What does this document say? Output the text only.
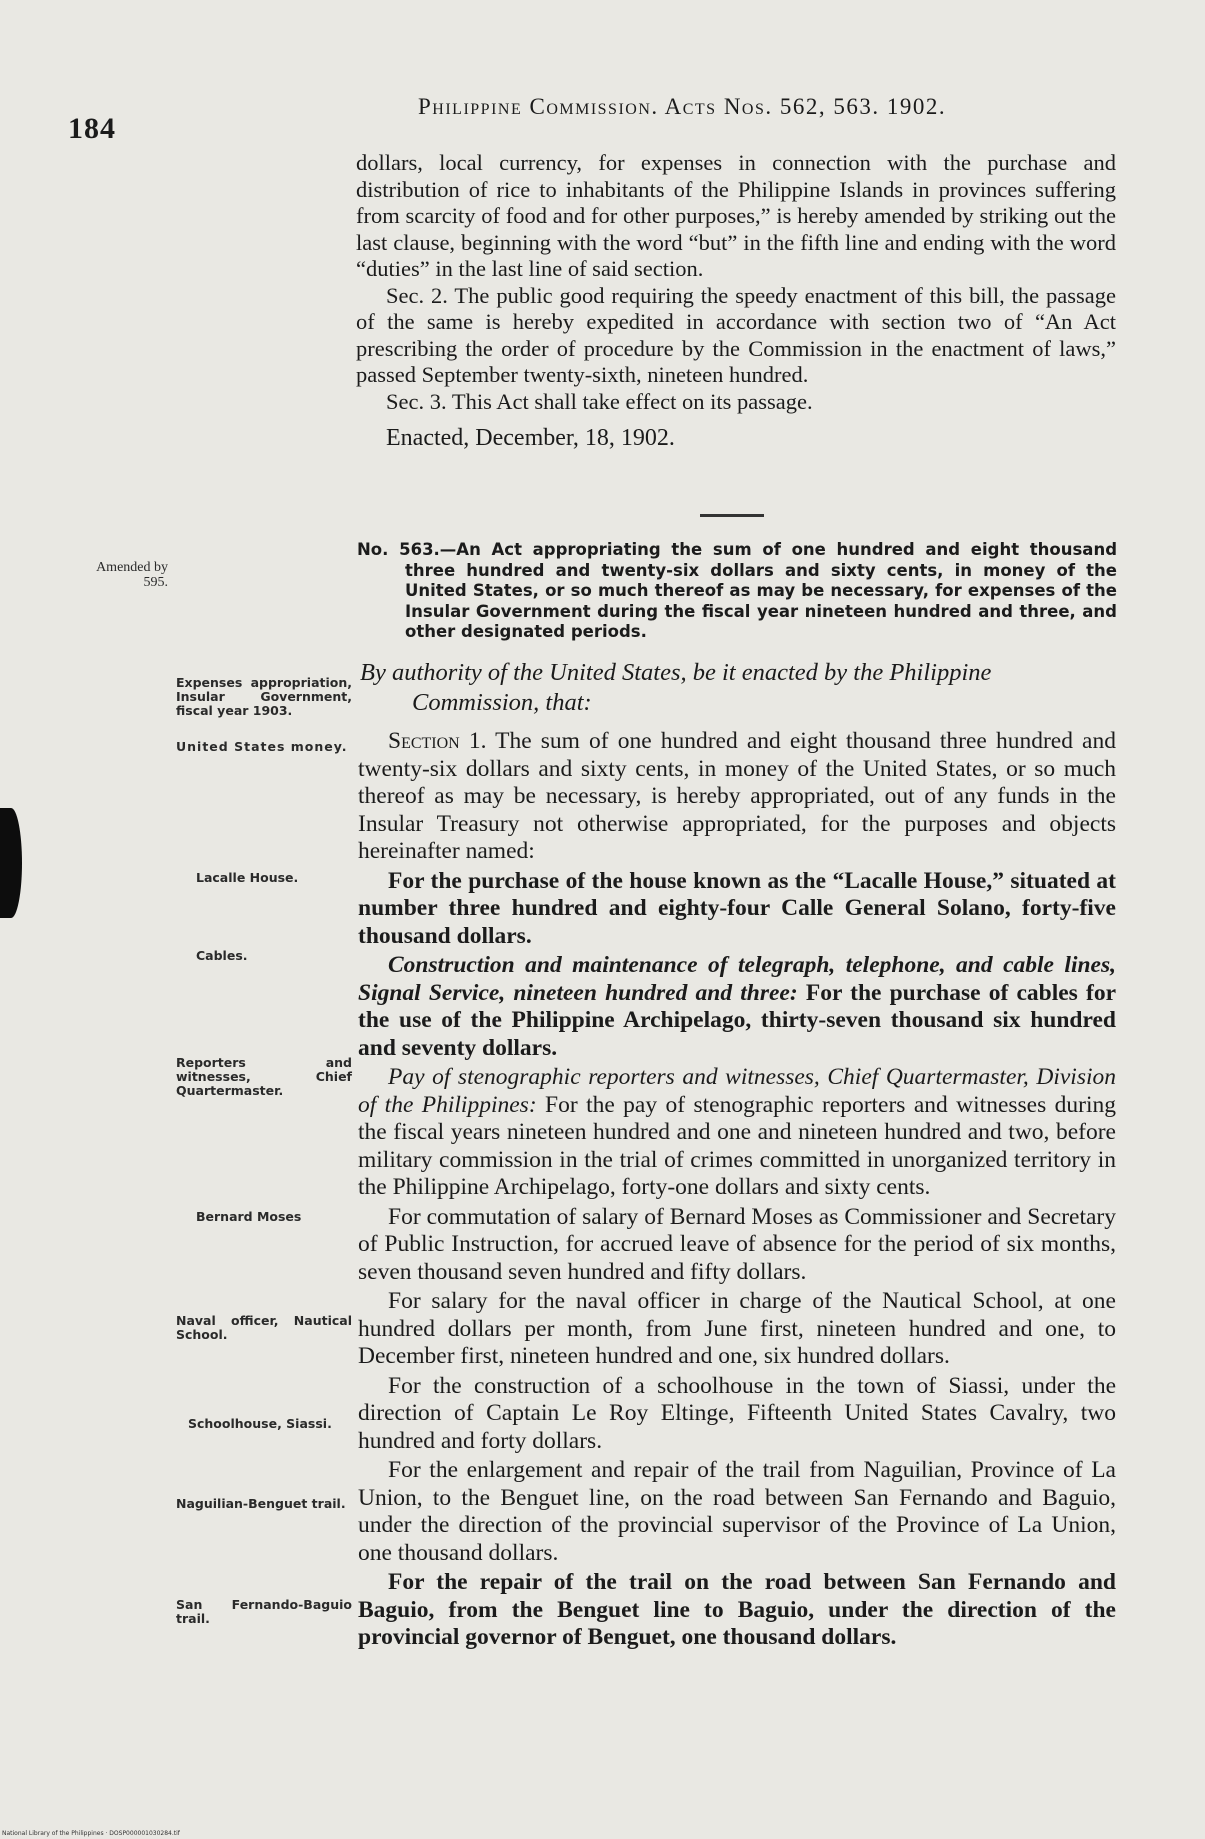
184
Philippine Commission. Acts Nos. 562, 563. 1902.

dollars, local currency, for expenses in connection with the purchase and distribution of rice to inhabitants of the Philippine Islands in provinces suffering from scarcity of food and for other purposes,” is hereby amended by striking out the last clause, beginning with the word “but” in the fifth line and ending with the word “duties” in the last line of said section.

Sec. 2. The public good requiring the speedy enactment of this bill, the passage of the same is hereby expedited in accordance with section two of “An Act prescribing the order of procedure by the Commission in the enactment of laws,” passed September twenty-sixth, nineteen hundred.

Sec. 3. This Act shall take effect on its passage.

Enacted, December, 18, 1902.

Amended by 595.

No. 563.—An Act appropriating the sum of one hundred and eight thousand three hundred and twenty-six dollars and sixty cents, in money of the United States, or so much thereof as may be necessary, for expenses of the Insular Government during the fiscal year nineteen hundred and three, and other designated periods.

By authority of the United States, be it enacted by the Philippine
Commission, that:
Expenses appropriation, Insular Government, fiscal year 1903.
United States money.
Lacalle House.
Cables.
Reporters and witnesses, Chief Quartermaster.
Bernard Moses
Naval officer, Nautical School.
Schoolhouse, Siassi.
Naguilian-Benguet trail.
San Fernando-Baguio trail.

Section 1. The sum of one hundred and eight thousand three hundred and twenty-six dollars and sixty cents, in money of the United States, or so much thereof as may be necessary, is hereby appropriated, out of any funds in the Insular Treasury not otherwise appropriated, for the purposes and objects hereinafter named:

For the purchase of the house known as the “Lacalle House,” situated at number three hundred and eighty-four Calle General Solano, forty-five thousand dollars.

Construction and maintenance of telegraph, telephone, and cable lines, Signal Service, nineteen hundred and three: For the purchase of cables for the use of the Philippine Archipelago, thirty-seven thousand six hundred and seventy dollars.

Pay of stenographic reporters and witnesses, Chief Quartermaster, Division of the Philippines: For the pay of stenographic reporters and witnesses during the fiscal years nineteen hundred and one and nineteen hundred and two, before military commission in the trial of crimes committed in unorganized territory in the Philippine Archipelago, forty-one dollars and sixty cents.

For commutation of salary of Bernard Moses as Commissioner and Secretary of Public Instruction, for accrued leave of absence for the period of six months, seven thousand seven hundred and fifty dollars.

For salary for the naval officer in charge of the Nautical School, at one hundred dollars per month, from June first, nineteen hundred and one, to December first, nineteen hundred and one, six hundred dollars.

For the construction of a schoolhouse in the town of Siassi, under the direction of Captain Le Roy Eltinge, Fifteenth United States Cavalry, two hundred and forty dollars.

For the enlargement and repair of the trail from Naguilian, Province of La Union, to the Benguet line, on the road between San Fernando and Baguio, under the direction of the provincial supervisor of the Province of La Union, one thousand dollars.

For the repair of the trail on the road between San Fernando and Baguio, from the Benguet line to Baguio, under the direction of the provincial governor of Benguet, one thousand dollars.

National Library of the Philippines · DOSP000001030284.tif
